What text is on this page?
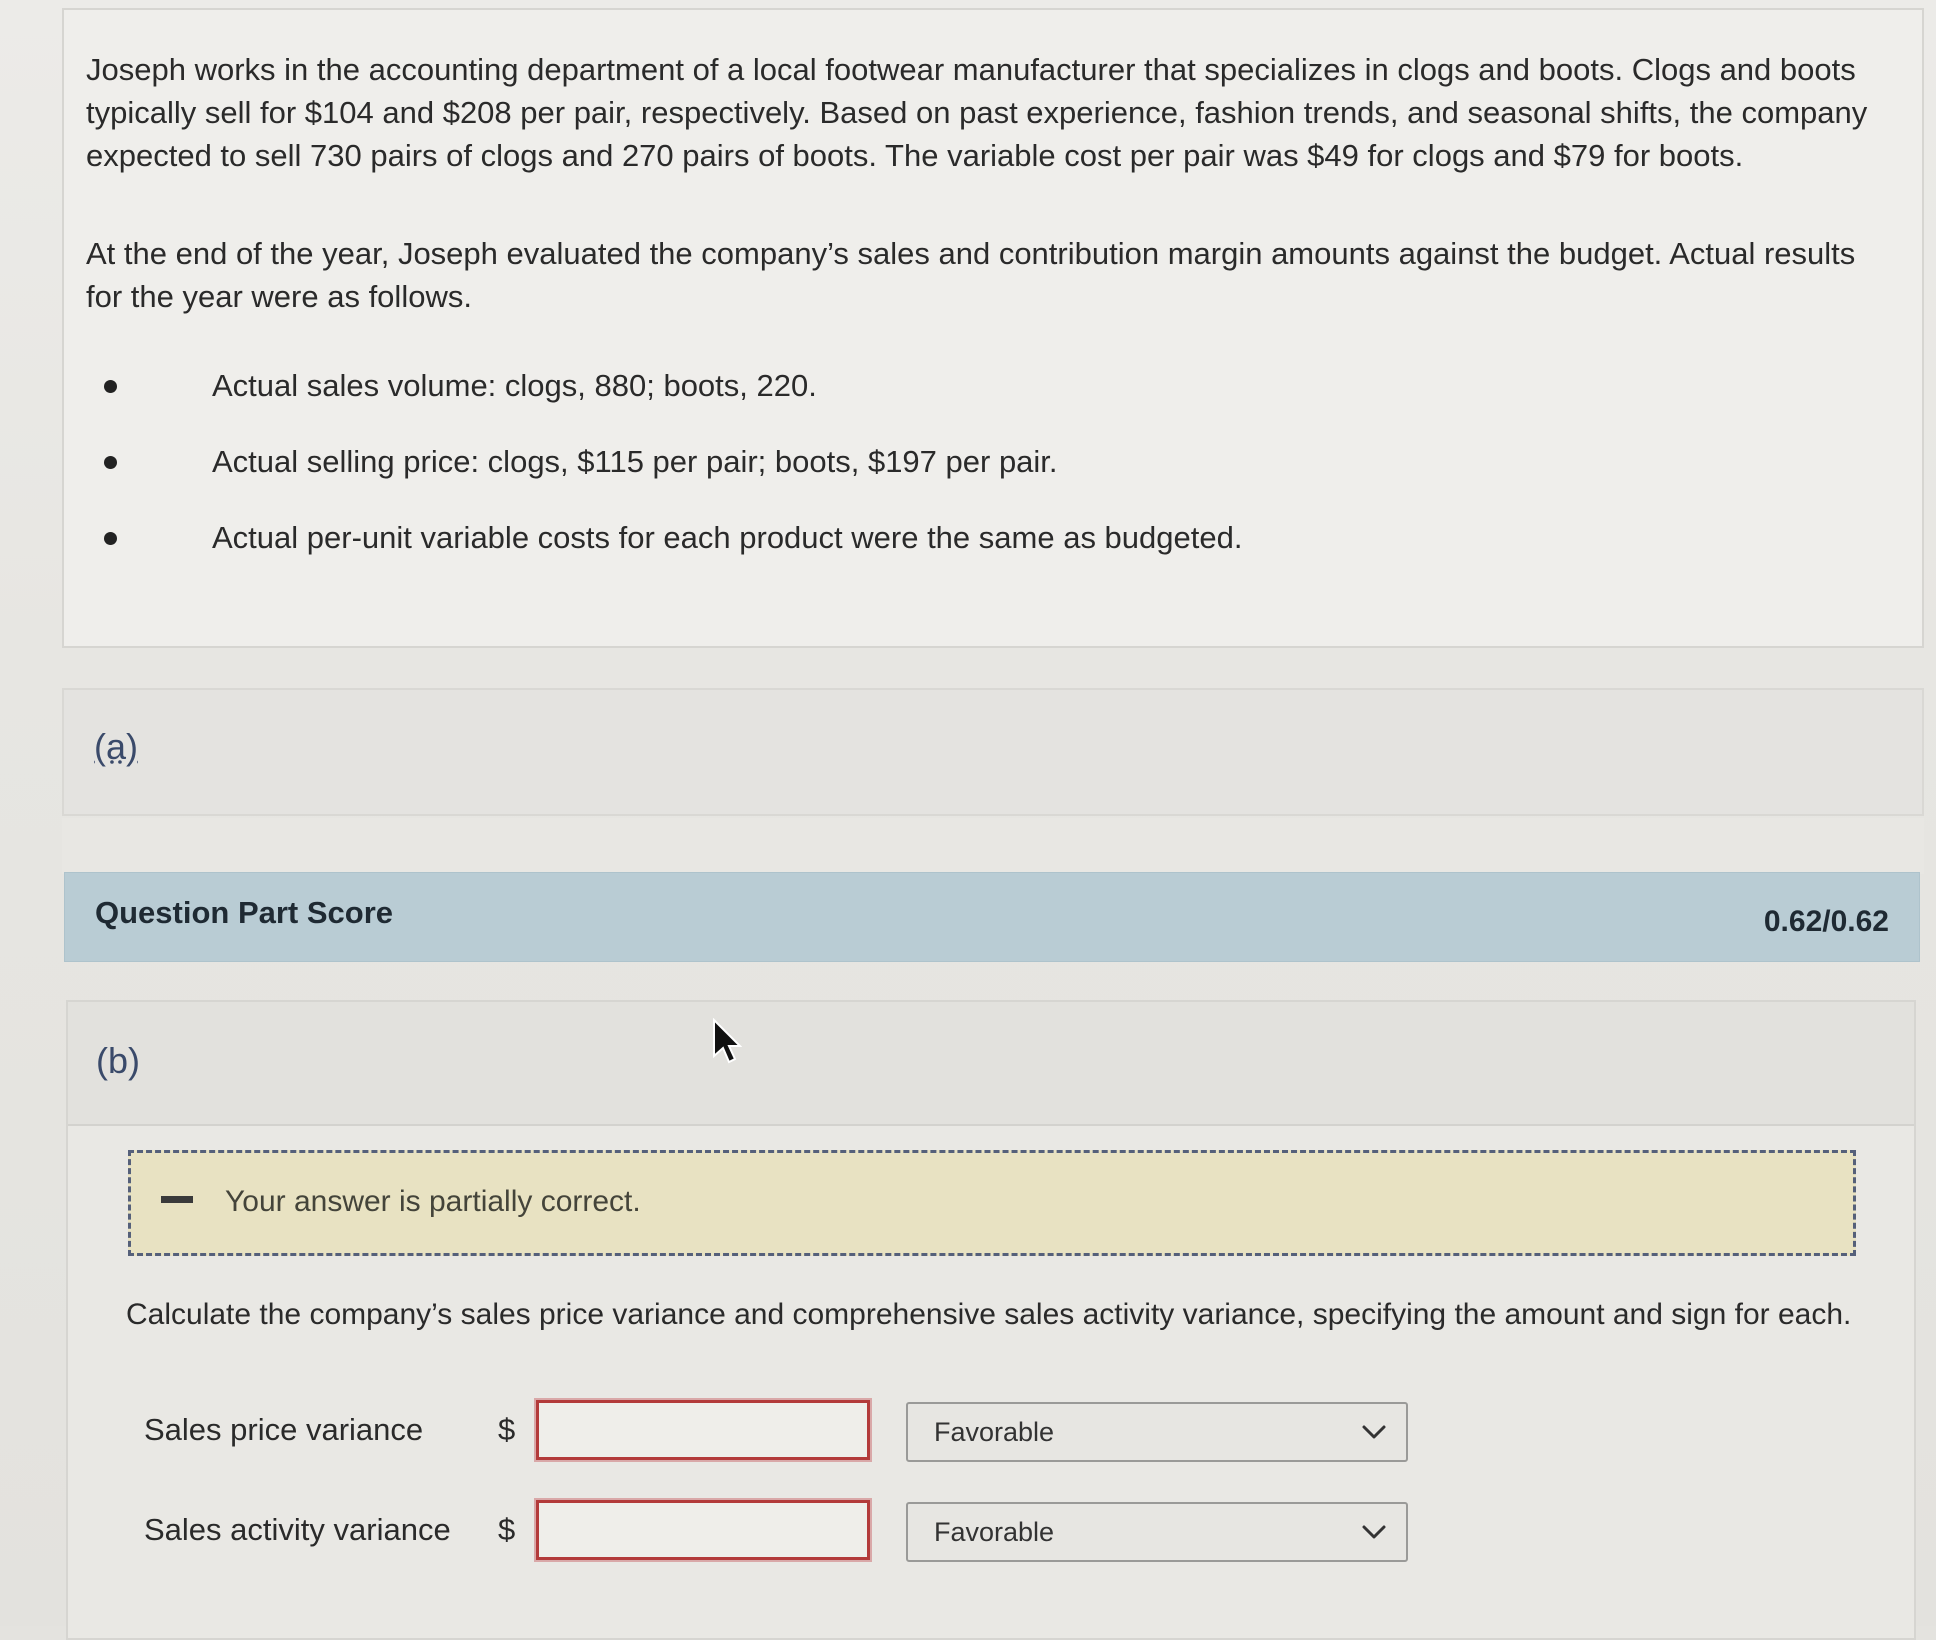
Joseph works in the accounting department of a local footwear manufacturer that specializes in clogs and boots. Clogs and boots typically sell for $104 and $208 per pair, respectively. Based on past experience, fashion trends, and seasonal shifts, the company expected to sell 730 pairs of clogs and 270 pairs of boots. The variable cost per pair was $49 for clogs and $79 for boots.

At the end of the year, Joseph evaluated the company’s sales and contribution margin amounts against the budget. Actual results for the year were as follows.

Actual sales volume: clogs, 880; boots, 220.
Actual selling price: clogs, $115 per pair; boots, $197 per pair.
Actual per-unit variable costs for each product were the same as budgeted.
(a)
Question Part Score	0.62/0.62
(b)
Your answer is partially correct.
Calculate the company’s sales price variance and comprehensive sales activity variance, specifying the amount and sign for each.
Sales price variance $	Favorable
Sales activity variance $	Favorable
